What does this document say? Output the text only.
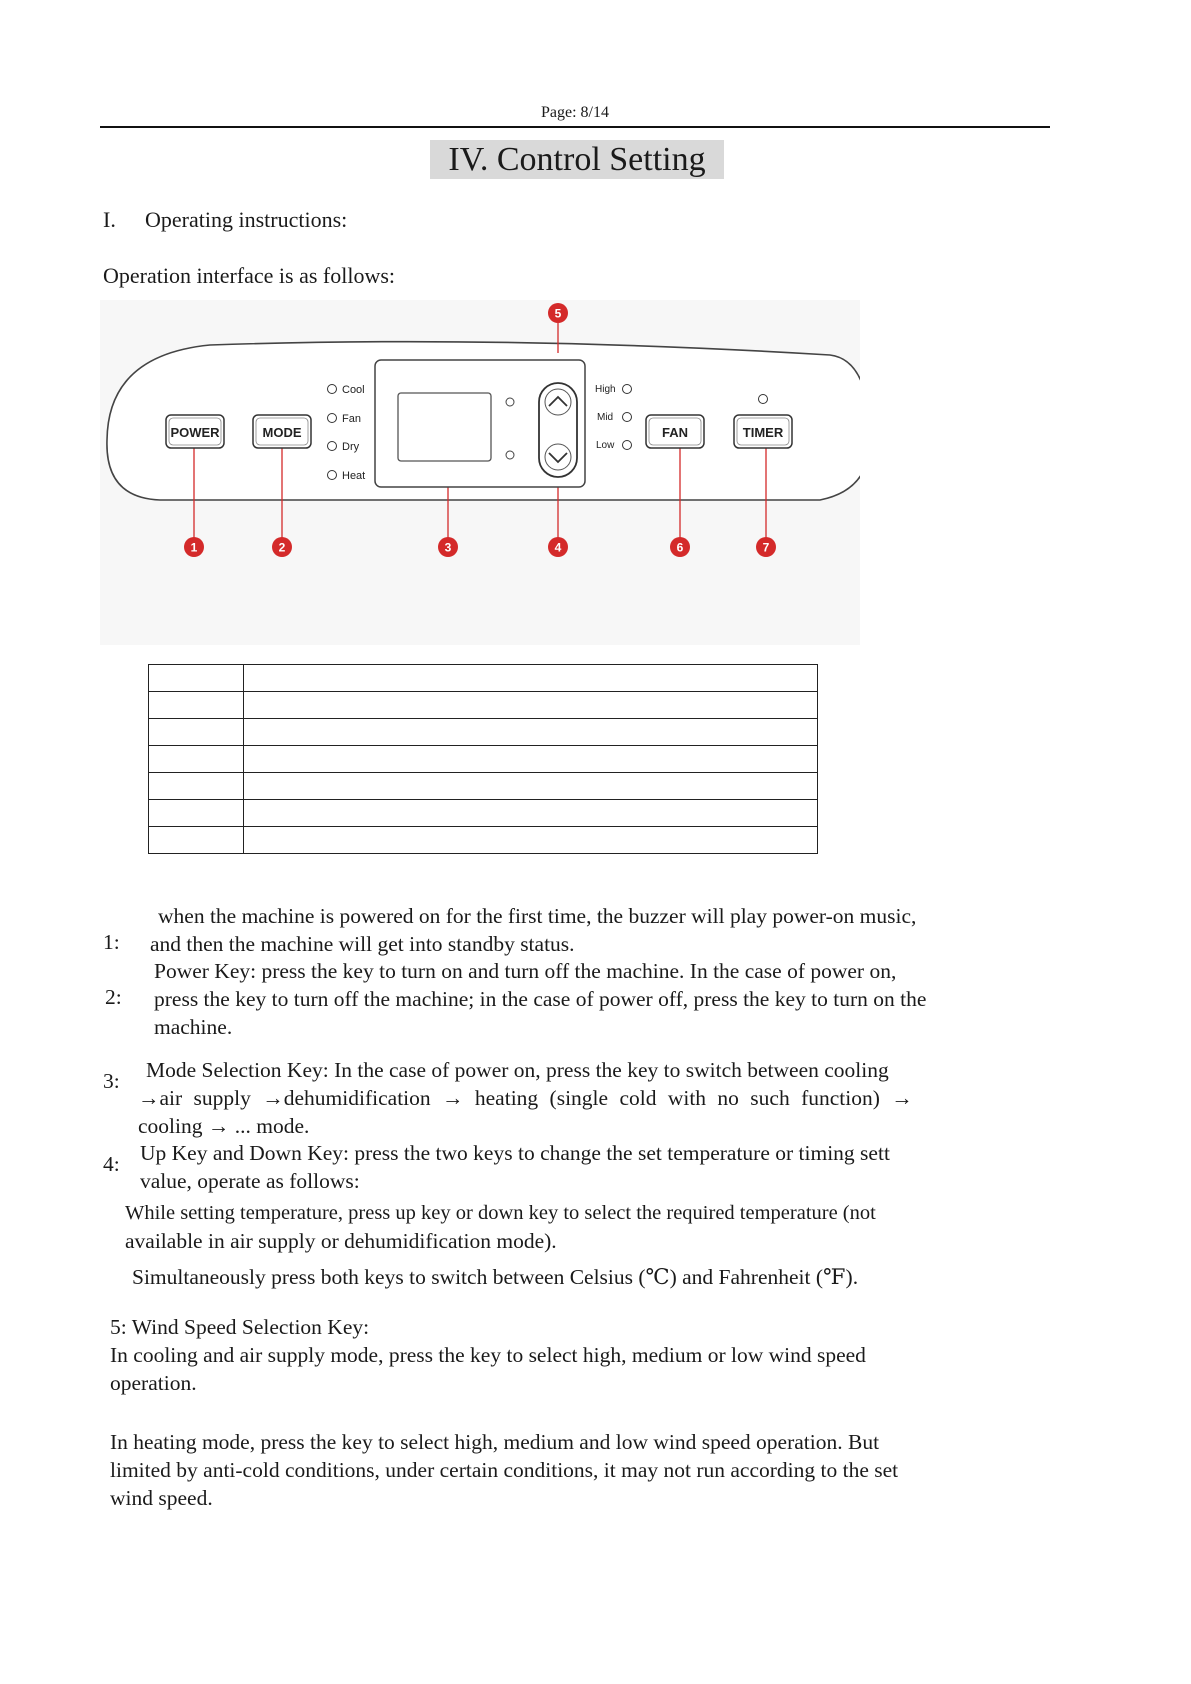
Page: 8/14
IV. Control Setting
I. Operating instructions:
Operation interface is as follows:
POWER	MODE
Cool
Fan
Dry
Heat
High
Mid
Low
FAN	TIMER
1	2	3	4
5
6	7

1:
when the machine is powered on for the first time, the buzzer will play power-on music,
and then the machine will get into standby status.
2:
Power Key: press the key to turn on and turn off the machine. In the case of power on,
press the key to turn off the machine; in the case of power off, press the key to turn on the
machine.
3:	Mode Selection Key: In the case of power on, press the key to switch between cooling
→air supply →dehumidification → heating (single cold with no such function) →
cooling → ... mode.
4: Up Key and Down Key: press the two keys to change the set temperature or timing sett
value, operate as follows:
While setting temperature, press up key or down key to select the required temperature (not
available in air supply or dehumidification mode).
Simultaneously press both keys to switch between Celsius (℃) and Fahrenheit (℉).
5: Wind Speed Selection Key:
In cooling and air supply mode, press the key to select high, medium or low wind speed
operation.
In heating mode, press the key to select high, medium and low wind speed operation. But
limited by anti-cold conditions, under certain conditions, it may not run according to the set
wind speed.
